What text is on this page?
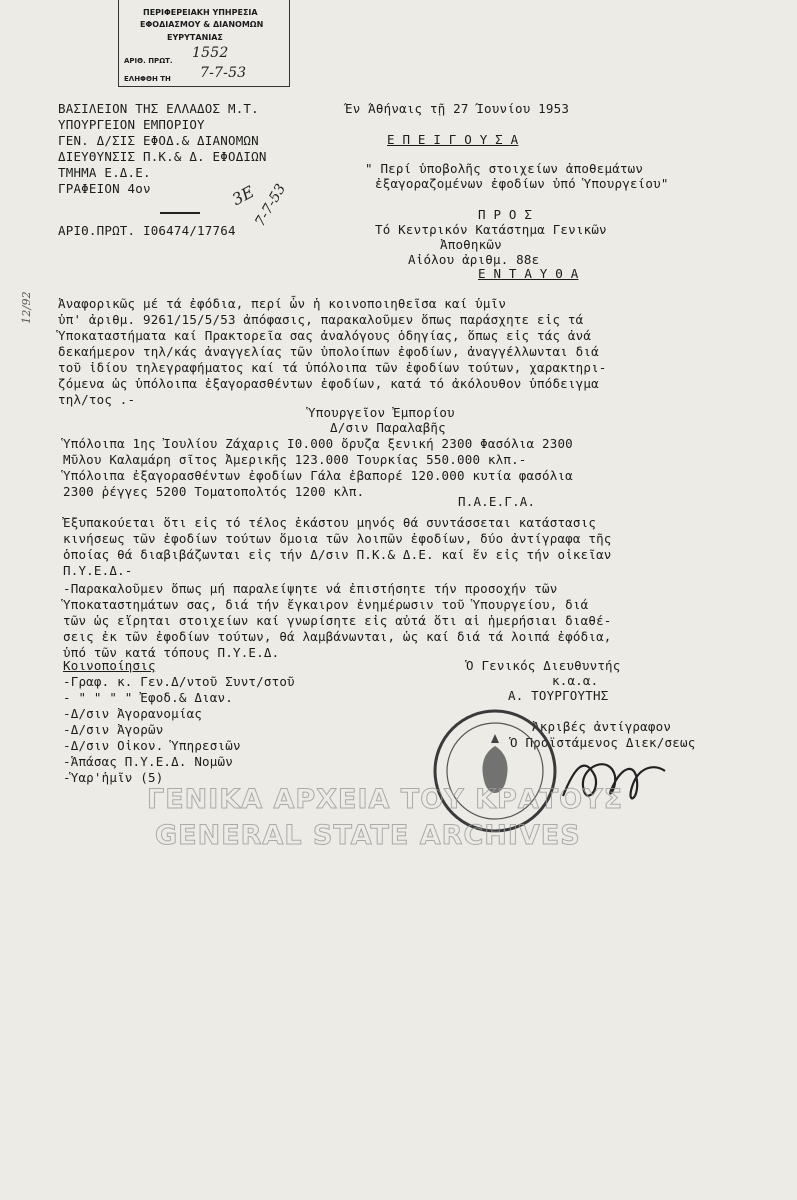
ΠΕΡΙΦΕΡΕΙΑΚΗ ΥΠΗΡΕΣΙΑ
ΕΦΟΔΙΑΣΜΟΥ & ΔΙΑΝΟΜΩΝ
ΕΥΡΥΤΑΝΙΑΣ
ΑΡΙΘ. ΠΡΩΤ. 1552
ΕΛΗΦΘΗ ΤΗ 7-7-53
ΒΑΣΙΛΕΙΟΝ ΤΗΣ ΕΛΛΑΔΟΣ Μ.Τ.
ΥΠΟΥΡΓΕΙΟΝ ΕΜΠΟΡΙΟΥ
ΓΕΝ. Δ/ΣΙΣ ΕΦΟΔ.& ΔΙΑΝΟΜΩΝ
ΔΙΕΥΘΥΝΣΙΣ Π.Κ.& Δ. ΕΦΟΔΙΩΝ
ΤΜΗΜΑ Ε.Δ.Ε.
ΓΡΑΦΕΙΟΝ 4ον
ΑΡΙΘ.ΠΡΩΤ. Ι06474/17764
3Ε
7-7-53
12/92
Έν Άθήναις τῇ 27 Ίουνίου 1953
Ε Π Ε Ι Γ Ο Υ Σ Α
" Περί ὑποβολῆς στοιχείων ἀποθεμάτων
ἐξαγοραζομένων ἐφοδίων ὑπό Ὑπουργείου"
Π Ρ Ο Σ
Τό Κεντρικόν Κατάστημα Γενικῶν
Ἀποθηκῶν
Αἰόλου ἀριθμ. 88ε
Ε Ν Τ Α Υ Θ Α
Ἀναφορικῶς μέ τά ἐφόδια, περί ὧν ἡ κοινοποιηθεῖσα καί ὑμῖν
ὑπ' ἀριθμ. 9261/15/5/53 ἀπόφασις, παρακαλοῦμεν ὅπως παράσχητε εἰς τά
Ὑποκαταστήματα καί Πρακτορεῖα σας ἀναλόγους ὁδηγίας, ὅπως εἰς τάς ἀνά
δεκαήμερον τηλ/κάς ἀναγγελίας τῶν ὑπολοίπων ἐφοδίων, ἀναγγέλλωνται διά
τοῦ ἰδίου τηλεγραφήματος καί τά ὑπόλοιπα τῶν ἐφοδίων τούτων, χαρακτηρι-
ζόμενα ὡς ὑπόλοιπα ἐξαγορασθέντων ἐφοδίων, κατά τό ἀκόλουθον ὑπόδειγμα
τηλ/τος .-
Ὑπουργεῖον Ἐμπορίου
Δ/σιν Παραλαβῆς
Ὑπόλοιπα 1ης Ἰουλίου Ζάχαρις Ι0.000 ὄρυζα ξενική 2300 Φασόλια 2300
Μῦλου Καλαμάρη σῖτος Ἀμερικῆς 123.000 Τουρκίας 550.000 κλπ.-
Ὑπόλοιπα ἐξαγορασθέντων ἐφοδίων Γάλα ἐβαπορέ 120.000 κυτία φασόλια
2300 ῥέγγες 5200 Τοματοπολτός 1200 κλπ.
Π.Α.Ε.Γ.Α.
Ἐξυπακούεται ὅτι εἰς τό τέλος ἑκάστου μηνός θά συντάσσεται κατάστασις
κινήσεως τῶν ἐφοδίων τούτων ὅμοια τῶν λοιπῶν ἐφοδίων, δύο ἀντίγραφα τῆς
ὁποίας θά διαβιβάζωνται εἰς τήν Δ/σιν Π.Κ.& Δ.Ε. καί ἕν εἰς τήν οἰκεῖαν
Π.Υ.Ε.Δ.-
-Παρακαλοῦμεν ὅπως μή παραλείψητε νά ἐπιστήσητε τήν προσοχήν τῶν
Ὑποκαταστημάτων σας, διά τήν ἔγκαιρον ἐνημέρωσιν τοῦ Ὑπουργείου, διά
τῶν ὡς εἴρηται στοιχείων καί γνωρίσητε εἰς αὐτά ὅτι αἱ ἡμερήσιαι διαθέ-
σεις ἐκ τῶν ἐφοδίων τούτων, θά λαμβάνωνται, ὡς καί διά τά λοιπά ἐφόδια,
ὑπό τῶν κατά τόπους Π.Υ.Ε.Δ.
Κοινοποίησις
-Γραφ. κ. Γεν.Δ/ντοῦ Συντ/στοῦ
- " " " " Ἐφοδ.& Διαν.
-Δ/σιν Ἀγορανομίας
-Δ/σιν Ἀγορῶν
-Δ/σιν Οἰκον. Ὑπηρεσιῶν
-Ἁπάσας Π.Υ.Ε.Δ. Νομῶν
-Ὑαρ'ἡμῖν (5)
Ὁ Γενικός Διευθυντής
κ.α.α.
Α. ΤΟΥΡΓΟΥΤΗΣ
Ἀκριβές ἀντίγραφον
Ὁ Προϊστάμενος Διεκ/σεως
ΓΕΝΙΚΑ ΑΡΧΕΙΑ ΤΟΥ ΚΡΑΤΟΥΣ
GENERAL STATE ARCHIVES
